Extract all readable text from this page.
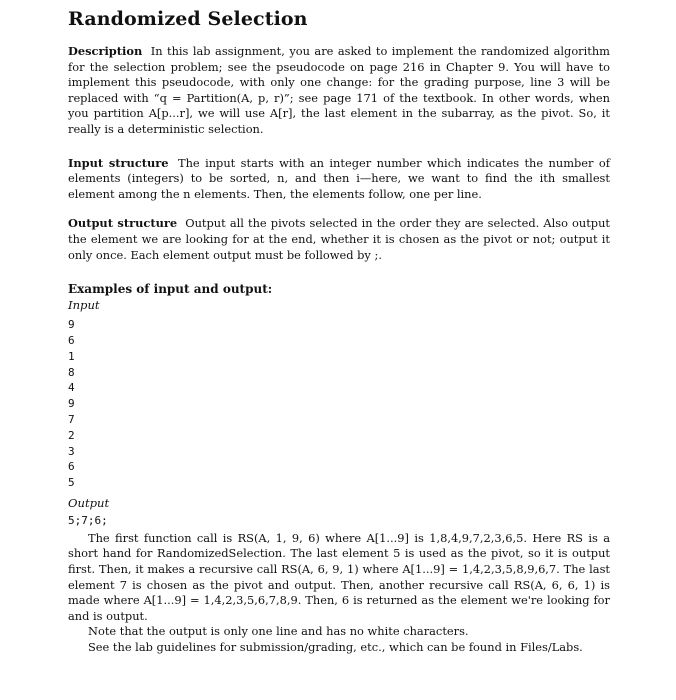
Randomized Selection

Description In this lab assignment, you are asked to implement the randomized algorithm for the selection problem; see the pseudocode on page 216 in Chapter 9. You will have to implement this pseudocode, with only one change: for the grading purpose, line 3 will be replaced with “q = Partition(A, p, r)”; see page 171 of the textbook. In other words, when you partition A[p...r], we will use A[r], the last element in the subarray, as the pivot. So, it really is a deterministic selection.

Input structure The input starts with an integer number which indicates the number of elements (integers) to be sorted, n, and then i—here, we want to find the ith smallest element among the n elements. Then, the elements follow, one per line.

Output structure Output all the pivots selected in the order they are selected. Also output the element we are looking for at the end, whether it is chosen as the pivot or not; output it only once. Each element output must be followed by ;.

Examples of input and output:

Input

9
6
1
8
4
9
7
2
3
6
5

Output

5;7;6;

The first function call is RS(A, 1, 9, 6) where A[1...9] is 1,8,4,9,7,2,3,6,5. Here RS is a short hand for RandomizedSelection. The last element 5 is used as the pivot, so it is output first. Then, it makes a recursive call RS(A, 6, 9, 1) where A[1...9] = 1,4,2,3,5,8,9,6,7. The last element 7 is chosen as the pivot and output. Then, another recursive call RS(A, 6, 6, 1) is made where A[1...9] = 1,4,2,3,5,6,7,8,9. Then, 6 is returned as the element we're looking for and is output.

Note that the output is only one line and has no white characters.

See the lab guidelines for submission/grading, etc., which can be found in Files/Labs.
